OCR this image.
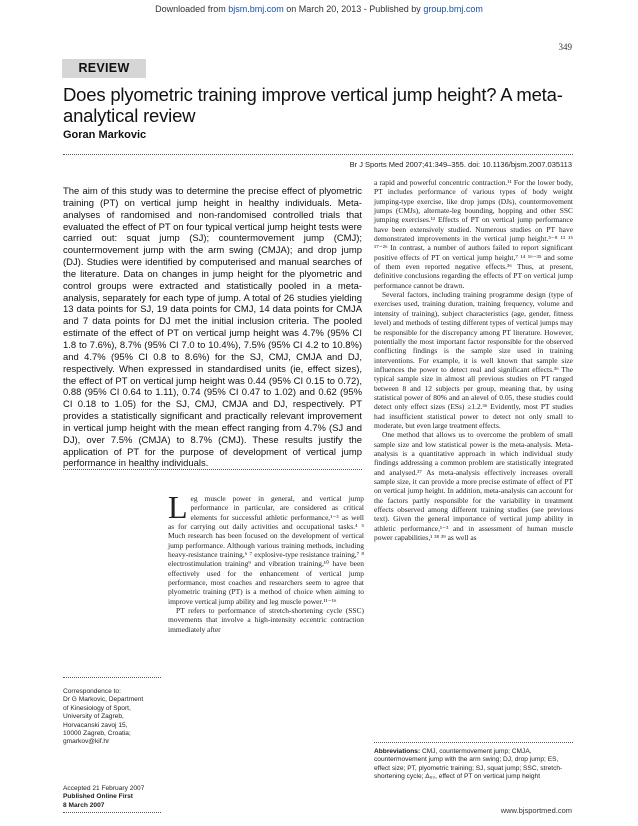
Downloaded from bjsm.bmj.com on March 20, 2013 - Published by group.bmj.com
349
REVIEW
Does plyometric training improve vertical jump height? A meta-analytical review
Goran Markovic
Br J Sports Med 2007;41:349–355. doi: 10.1136/bjsm.2007.035113
The aim of this study was to determine the precise effect of plyometric training (PT) on vertical jump height in healthy individuals. Meta-analyses of randomised and non-randomised controlled trials that evaluated the effect of PT on four typical vertical jump height tests were carried out: squat jump (SJ); countermovement jump (CMJ); countermovement jump with the arm swing (CMJA); and drop jump (DJ). Studies were identified by computerised and manual searches of the literature. Data on changes in jump height for the plyometric and control groups were extracted and statistically pooled in a meta-analysis, separately for each type of jump. A total of 26 studies yielding 13 data points for SJ, 19 data points for CMJ, 14 data points for CMJA and 7 data points for DJ met the initial inclusion criteria. The pooled estimate of the effect of PT on vertical jump height was 4.7% (95% CI 1.8 to 7.6%), 8.7% (95% CI 7.0 to 10.4%), 7.5% (95% CI 4.2 to 10.8%) and 4.7% (95% CI 0.8 to 8.6%) for the SJ, CMJ, CMJA and DJ, respectively. When expressed in standardised units (ie, effect sizes), the effect of PT on vertical jump height was 0.44 (95% CI 0.15 to 0.72), 0.88 (95% CI 0.64 to 1.11), 0.74 (95% CI 0.47 to 1.02) and 0.62 (95% CI 0.18 to 1.05) for the SJ, CMJ, CMJA and DJ, respectively. PT provides a statistically significant and practically relevant improvement in vertical jump height with the mean effect ranging from 4.7% (SJ and DJ), over 7.5% (CMJA) to 8.7% (CMJ). These results justify the application of PT for the purpose of development of vertical jump performance in healthy individuals.

a rapid and powerful concentric contraction.¹¹ For the lower body, PT includes performance of various types of body weight jumping-type exercise, like drop jumps (DJs), countermovement jumps (CMJs), alternate-leg bounding, hopping and other SSC jumping exercises.¹² Effects of PT on vertical jump performance have been extensively studied. Numerous studies on PT have demonstrated improvements in the vertical jump height.⁵⁻⁸ ¹³ ¹⁵ ¹⁷⁻²⁶ In contrast, a number of authors failed to report significant positive effects of PT on vertical jump height,⁷ ¹⁴ ¹⁶⁻³⁵ and some of them even reported negative effects.³⁶ Thus, at present, definitive conclusions regarding the effects of PT on vertical jump performance cannot be drawn.

Several factors, including training programme design (type of exercises used, training duration, training frequency, volume and intensity of training), subject characteristics (age, gender, fitness level) and methods of testing different types of vertical jumps may be responsible for the discrepancy among PT literature. However, potentially the most important factor responsible for the observed conflicting findings is the sample size used in training interventions. For example, it is well known that sample size influences the power to detect real and significant effects.³⁶ The typical sample size in almost all previous studies on PT ranged between 8 and 12 subjects per group, meaning that, by using statistical power of 80% and an alevel of 0.05, these studies could detect only effect sizes (ESs) ≥1.2.³⁶ Evidently, most PT studies had insufficient statistical power to detect not only small to moderate, but even large treatment effects.

One method that allows us to overcome the problem of small sample size and low statistical power is the meta-analysis. Meta-analysis is a quantitative approach in which individual study findings addressing a common problem are statistically integrated and analysed.³⁷ As meta-analysis effectively increases overall sample size, it can provide a more precise estimate of effect of PT on vertical jump height. In addition, meta-analysis can account for the factors partly responsible for the variability in treatment effects observed among different training studies (see previous text). Given the general importance of vertical jump ability in athletic performance,¹⁻³ and in assessment of human muscle power capabilities,¹ ³⁸ ³⁹ as well as

L eg muscle power in general, and vertical jump performance in particular, are considered as critical elements for successful athletic performance,¹⁻³ as well as for carrying out daily activities and occupational tasks.⁴ ⁵ Much research has been focused on the development of vertical jump performance. Although various training methods, including heavy-resistance training,⁶ ⁷ explosive-type resistance training,⁷ ⁸ electrostimulation training⁹ and vibration training,¹⁰ have been effectively used for the enhancement of vertical jump performance, most coaches and researchers seem to agree that plyometric training (PT) is a method of choice when aiming to improve vertical jump ability and leg muscle power.¹¹⁻¹⁶

PT refers to performance of stretch-shortening cycle (SSC) movements that involve a high-intensity eccentric contraction immediately after

Correspondence to:
Dr G Markovic, Department
of Kinesiology of Sport,
University of Zagreb,
Horvacanski zavoj 15,
10000 Zagreb, Croatia;
gmarkov@kif.hr
Accepted 21 February 2007
Published Online First
8 March 2007
Abbreviations: CMJ, countermovement jump; CMJA, countermovement jump with the arm swing; DJ, drop jump; ES, effect size; PT, plyometric training; SJ, squat jump; SSC, stretch-shortening cycle; Δ₆₀, effect of PT on vertical jump height
www.bjsportmed.com
